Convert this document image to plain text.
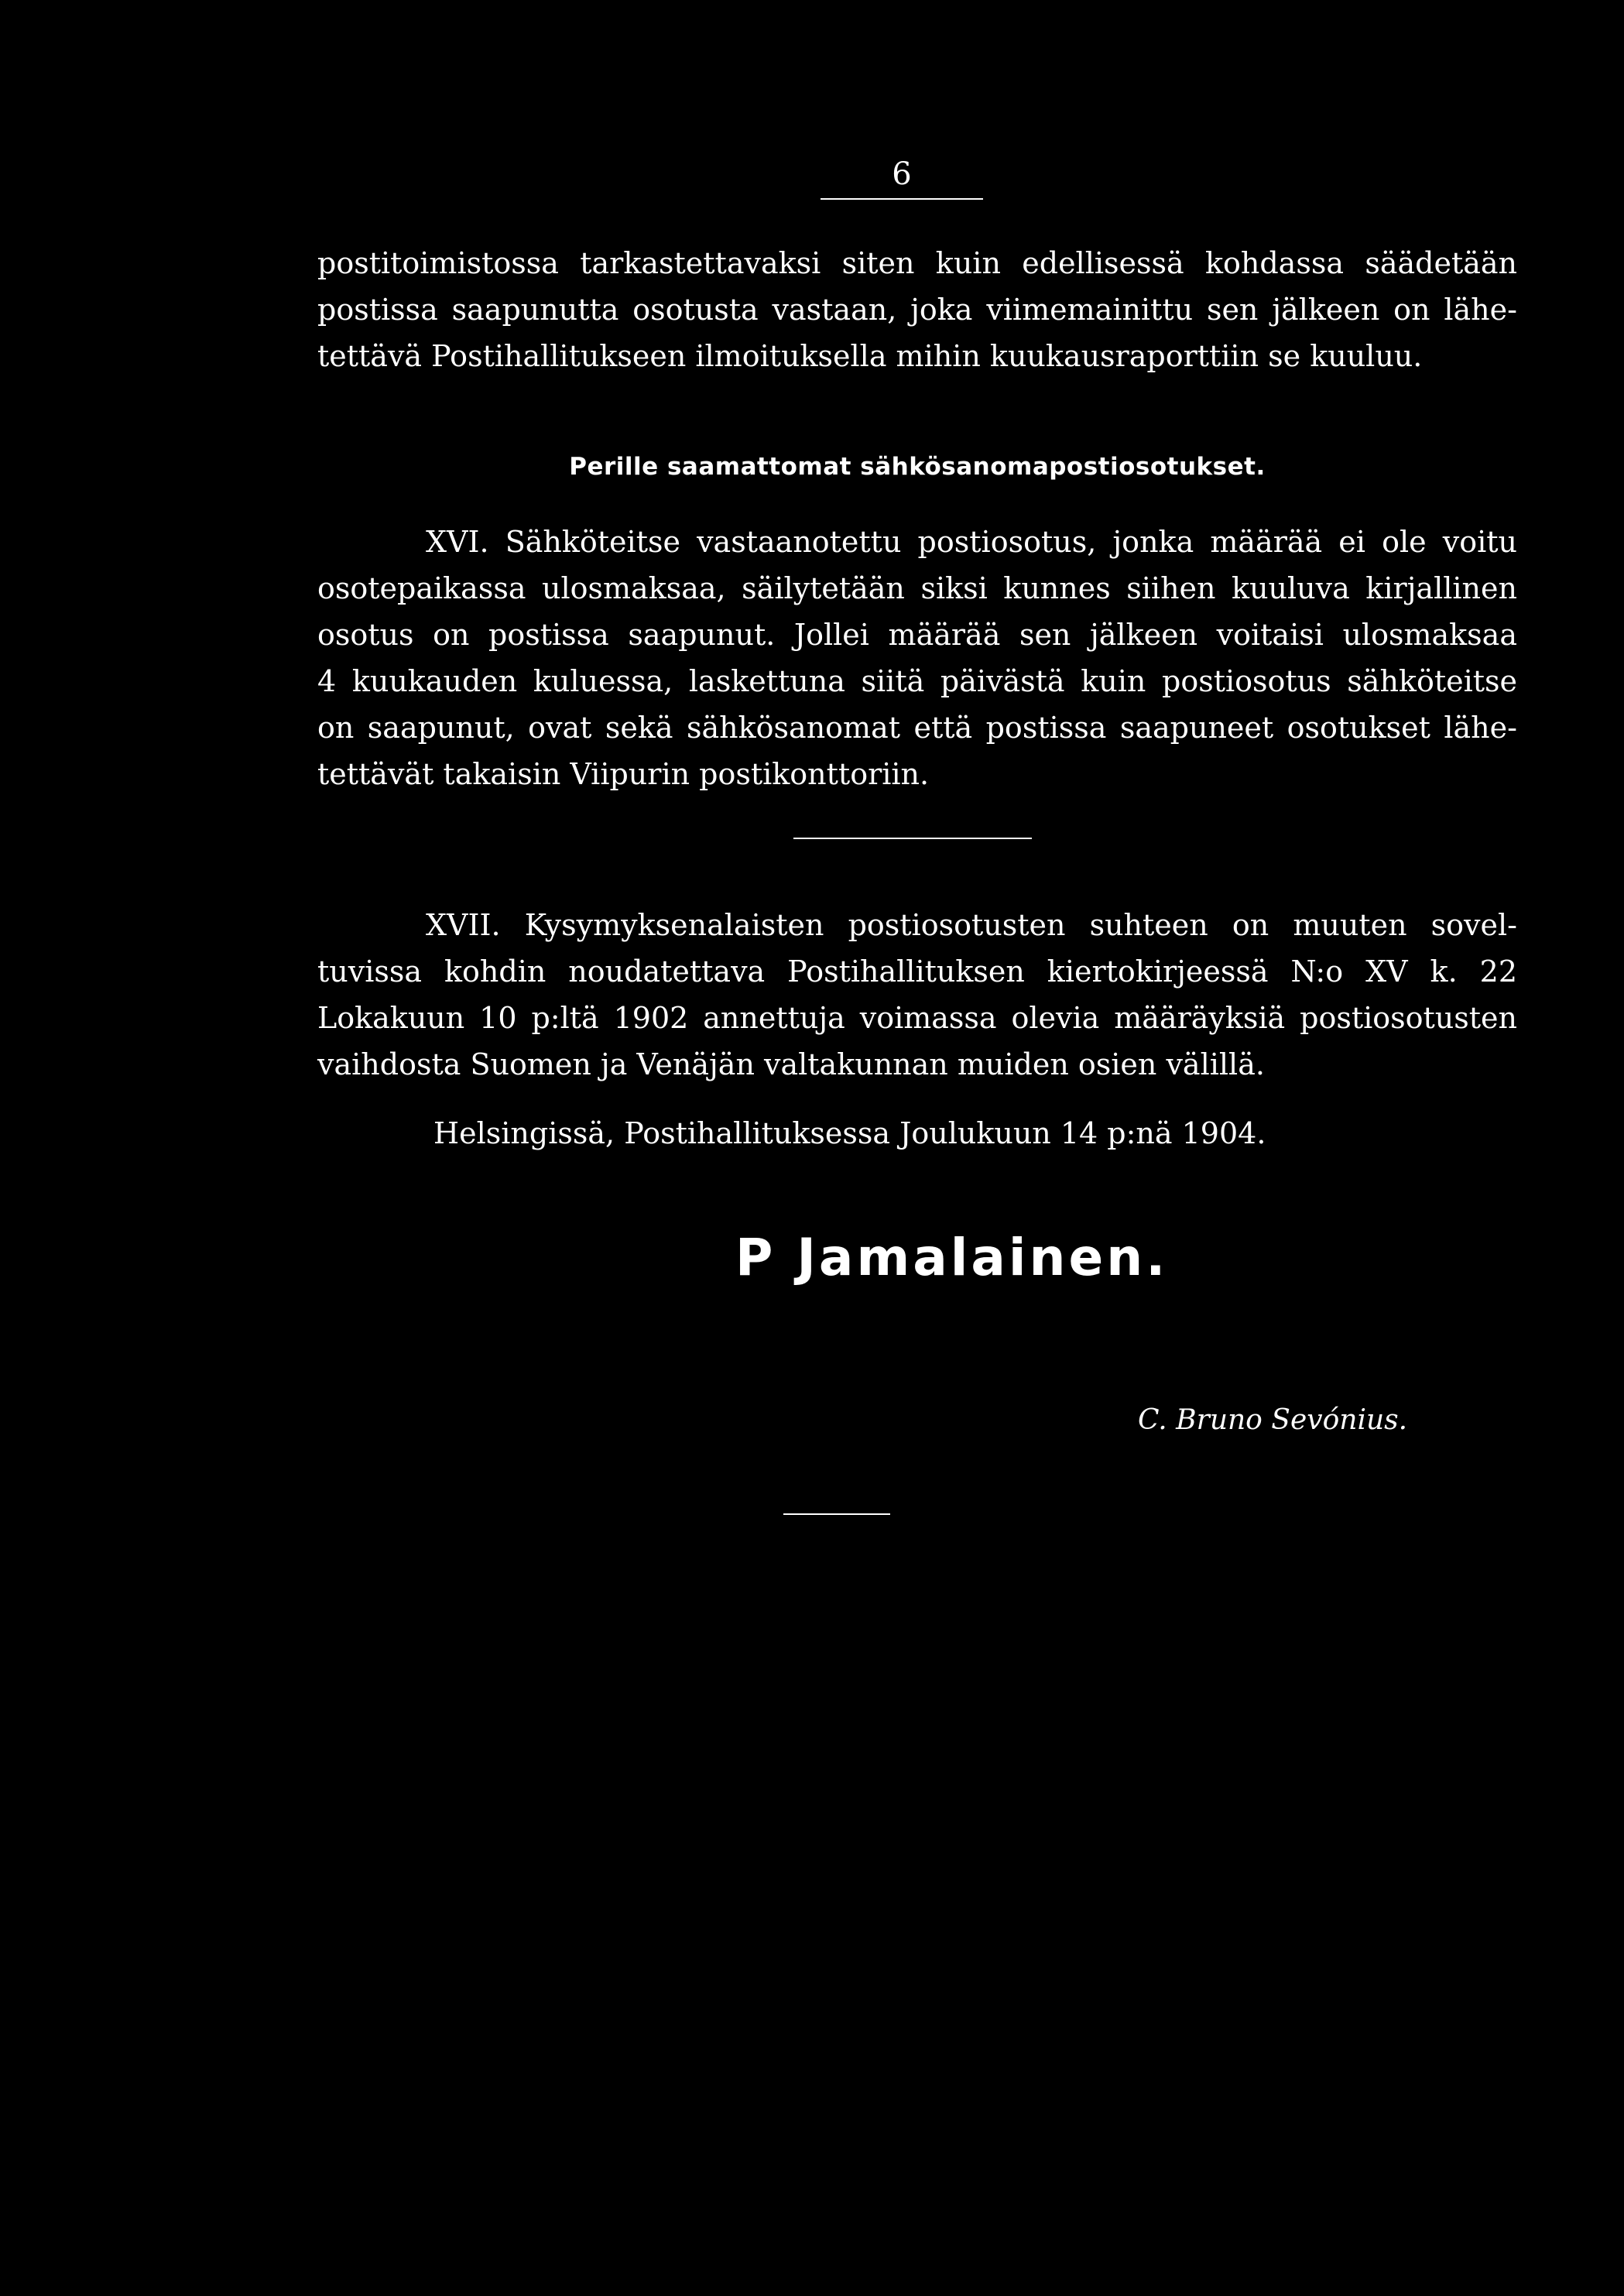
6
postitoimistossa tarkastettavaksi siten kuin edellisessä kohdassa säädetään
postissa saapunutta osotusta vastaan, joka viimemainittu sen jälkeen on lähe-
tettävä Postihallitukseen ilmoituksella mihin kuukausraporttiin se kuuluu.
Perille saamattomat sähkösanomapostiosotukset.
XVI. Sähköteitse vastaanotettu postiosotus, jonka määrää ei ole voitu
osotepaikassa ulosmaksaa, säilytetään siksi kunnes siihen kuuluva kirjallinen
osotus on postissa saapunut. Jollei määrää sen jälkeen voitaisi ulosmaksaa
4 kuukauden kuluessa, laskettuna siitä päivästä kuin postiosotus sähköteitse
on saapunut, ovat sekä sähkösanomat että postissa saapuneet osotukset lähe-
tettävät takaisin Viipurin postikonttoriin.
XVII. Kysymyksenalaisten postiosotusten suhteen on muuten sovel-
tuvissa kohdin noudatettava Postihallituksen kiertokirjeessä N:o XV k. 22
Lokakuun 10 p:ltä 1902 annettuja voimassa olevia määräyksiä postiosotusten
vaihdosta Suomen ja Venäjän valtakunnan muiden osien välillä.
Helsingissä, Postihallituksessa Joulukuun 14 p:nä 1904.
P Jamalainen.
C. Bruno Sevónius.
